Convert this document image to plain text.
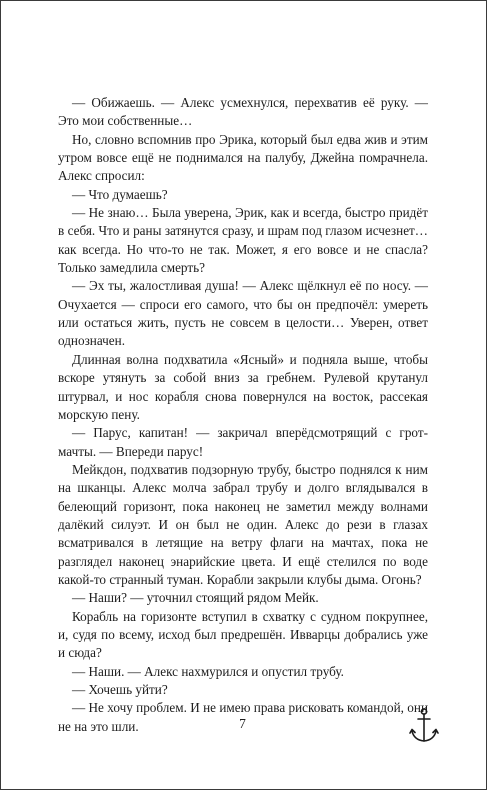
— Обижаешь. — Алекс усмехнулся, перехватив её руку. — Это мои собственные…

Но, словно вспомнив про Эрика, который был едва жив и этим утром вовсе ещё не поднимался на палубу, Джейна помрачнела. Алекс спросил:

— Что думаешь?

— Не знаю… Была уверена, Эрик, как и всегда, быстро придёт в себя. Что и раны затянутся сразу, и шрам под глазом исчезнет… как всегда. Но что-то не так. Может, я его вовсе и не спасла? Только замедлила смерть?

— Эх ты, жалостливая душа! — Алекс щёлкнул её по носу. — Очухается — спроси его самого, что бы он предпочёл: умереть или остаться жить, пусть не совсем в целости… Уверен, ответ однозначен.

Длинная волна подхватила «Ясный» и подняла выше, чтобы вскоре утянуть за собой вниз за гребнем. Рулевой крутанул штурвал, и нос корабля снова повернулся на восток, рассекая морскую пену.

— Парус, капитан! — закричал вперёдсмотрящий с грот-мачты. — Впереди парус!

Мейкдон, подхватив подзорную трубу, быстро поднялся к ним на шканцы. Алекс молча забрал трубу и долго вглядывался в белеющий горизонт, пока наконец не заметил между волнами далёкий силуэт. И он был не один. Алекс до рези в глазах всматривался в летящие на ветру флаги на мачтах, пока не разглядел наконец энарийские цвета. И ещё стелился по воде какой-то странный туман. Корабли закрыли клубы дыма. Огонь?

— Наши? — уточнил стоящий рядом Мейк.

Корабль на горизонте вступил в схватку с судном покрупнее, и, судя по всему, исход был предрешён. Ивварцы добрались уже и сюда?

— Наши. — Алекс нахмурился и опустил трубу.

— Хочешь уйти?

— Не хочу проблем. И не имею права рисковать командой, они не на это шли.	7
